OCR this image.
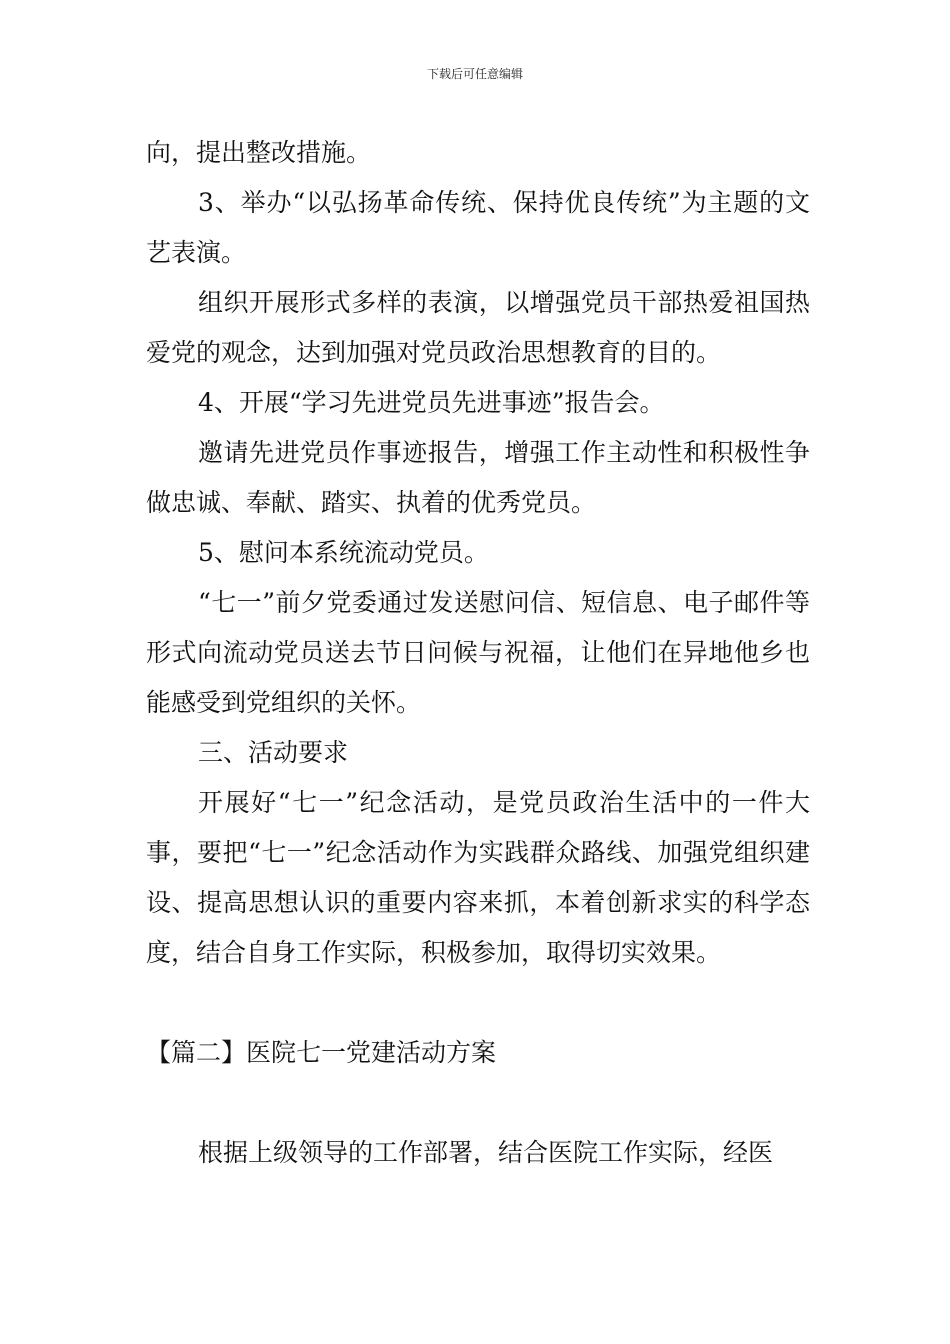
下载后可任意编辑

向，提出整改措施。

3、举办“以弘扬革命传统、保持优良传统”为主题的文艺表演。

组织开展形式多样的表演，以增强党员干部热爱祖国热爱党的观念，达到加强对党员政治思想教育的目的。

4、开展“学习先进党员先进事迹”报告会。

邀请先进党员作事迹报告，增强工作主动性和积极性争做忠诚、奉献、踏实、执着的优秀党员。

5、慰问本系统流动党员。

“七一”前夕党委通过发送慰问信、短信息、电子邮件等形式向流动党员送去节日问候与祝福，让他们在异地他乡也能感受到党组织的关怀。

三、活动要求

开展好“七一”纪念活动，是党员政治生活中的一件大事，要把“七一”纪念活动作为实践群众路线、加强党组织建设、提高思想认识的重要内容来抓，本着创新求实的科学态度，结合自身工作实际，积极参加，取得切实效果。

【篇二】医院七一党建活动方案

根据上级领导的工作部署，结合医院工作实际，经医
